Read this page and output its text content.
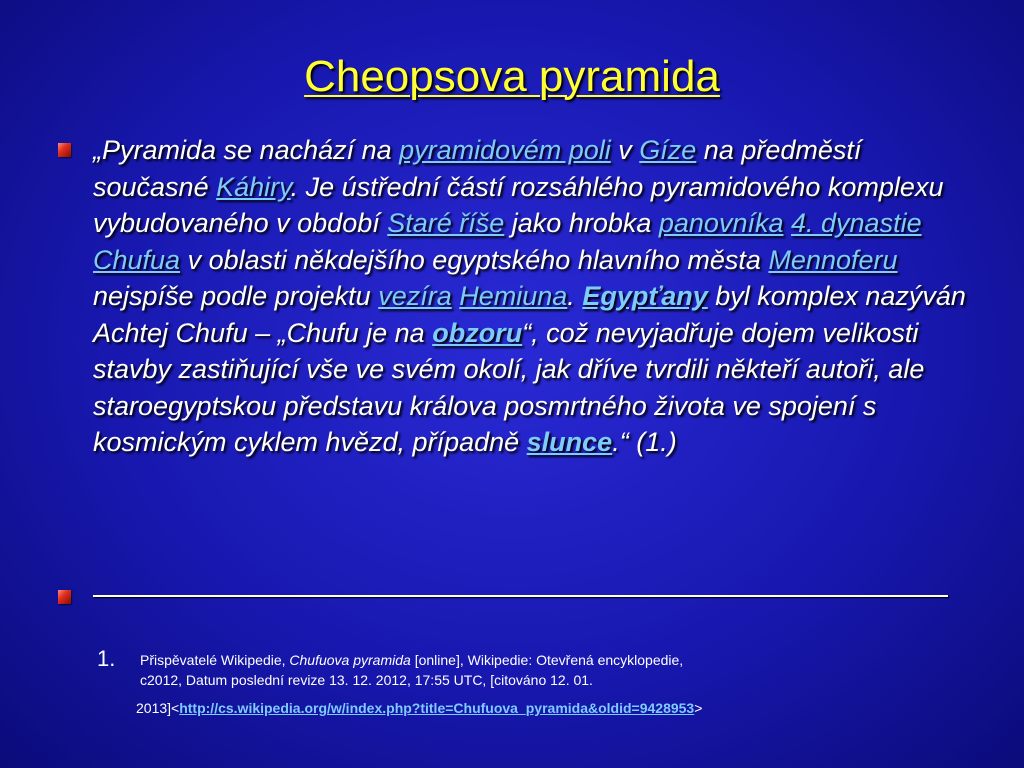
Cheopsova pyramida
„Pyramida se nachází na pyramidovém poli v Gíze na předměstí současné Káhiry. Je ústřední částí rozsáhlého pyramidového komplexu vybudovaného v období Staré říše jako hrobka panovníka 4. dynastie Chufua v oblasti někdejšího egyptského hlavního města Mennoferu nejspíše podle projektu vezíra Hemiuna. Egypťany byl komplex nazýván Achtej Chufu – „Chufu je na obzoru“, což nevyjadřuje dojem velikosti stavby zastiňující vše ve svém okolí, jak dříve tvrdili někteří autoři, ale staroegyptskou představu králova posmrtného života ve spojení s kosmickým cyklem hvězd, případně slunce.“ (1.)
1. Přispěvatelé Wikipedie, Chufuova pyramida [online], Wikipedie: Otevřená encyklopedie,
c2012, Datum poslední revize 13. 12. 2012, 17:55 UTC, [citováno 12. 01.
2013]<http://cs.wikipedia.org/w/index.php?title=Chufuova_pyramida&oldid=9428953>
